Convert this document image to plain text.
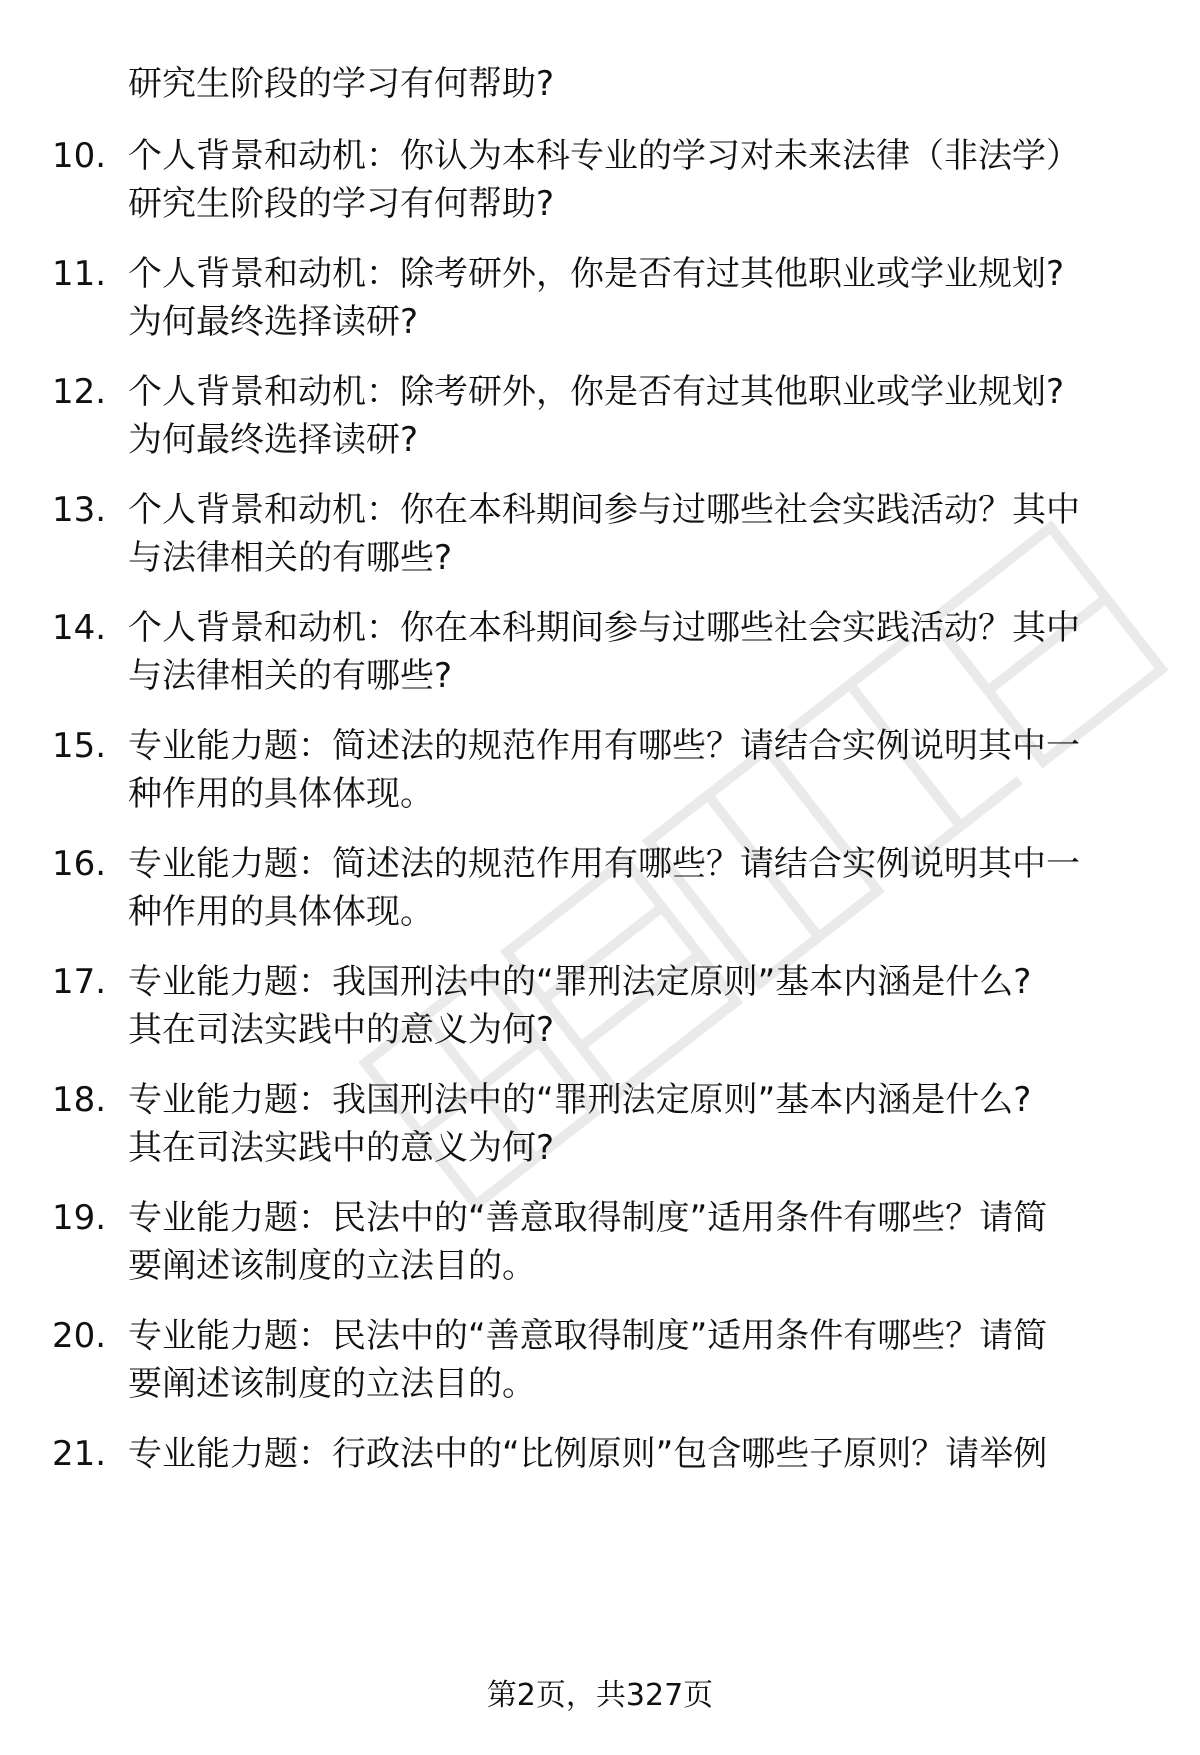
研究生阶段的学习有何帮助?
10. 个人背景和动机：你认为本科专业的学习对未来法律（非法学）
研究生阶段的学习有何帮助?
11. 个人背景和动机：除考研外，你是否有过其他职业或学业规划?
为何最终选择读研?
12. 个人背景和动机：除考研外，你是否有过其他职业或学业规划?
为何最终选择读研?
13. 个人背景和动机：你在本科期间参与过哪些社会实践活动？其中
与法律相关的有哪些?
14. 个人背景和动机：你在本科期间参与过哪些社会实践活动？其中
与法律相关的有哪些?
15. 专业能力题：简述法的规范作用有哪些？请结合实例说明其中一
种作用的具体体现。
16. 专业能力题：简述法的规范作用有哪些？请结合实例说明其中一
种作用的具体体现。
17. 专业能力题：我国刑法中的“罪刑法定原则”基本内涵是什么?
其在司法实践中的意义为何?
18. 专业能力题：我国刑法中的“罪刑法定原则”基本内涵是什么?
其在司法实践中的意义为何?
19. 专业能力题：民法中的“善意取得制度”适用条件有哪些？请简
要阐述该制度的立法目的。
20. 专业能力题：民法中的“善意取得制度”适用条件有哪些？请简
要阐述该制度的立法目的。
21. 专业能力题：行政法中的“比例原则”包含哪些子原则？请举例
第2页，共327页
